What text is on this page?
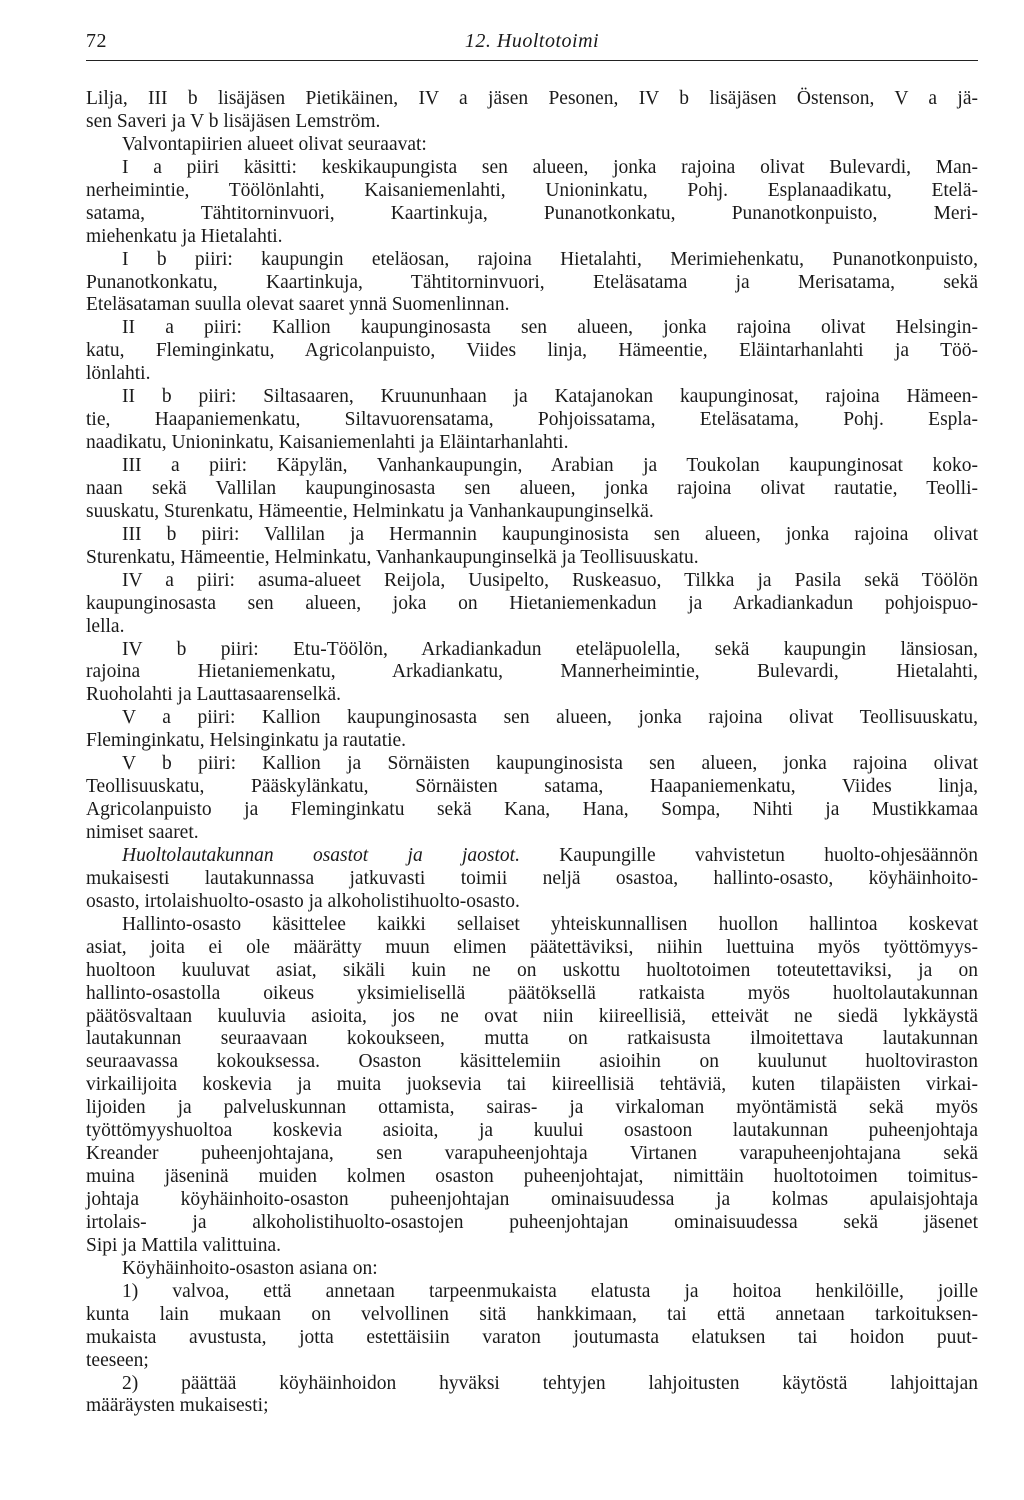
72	12. Huoltotoimi
Lilja, III b lisäjäsen Pietikäinen, IV a jäsen Pesonen, IV b lisäjäsen Östenson, V a jä-
sen Saveri ja V b lisäjäsen Lemström.
Valvontapiirien alueet olivat seuraavat:
I a piiri käsitti: keskikaupungista sen alueen, jonka rajoina olivat Bulevardi, Man-
nerheimintie, Töölönlahti, Kaisaniemenlahti, Unioninkatu, Pohj. Esplanaadikatu, Etelä-
satama, Tähtitorninvuori, Kaartinkuja, Punanotkonkatu, Punanotkonpuisto, Meri-
miehenkatu ja Hietalahti.
I b piiri: kaupungin eteläosan, rajoina Hietalahti, Merimiehenkatu, Punanotkonpuisto,
Punanotkonkatu, Kaartinkuja, Tähtitorninvuori, Eteläsatama ja Merisatama, sekä
Eteläsataman suulla olevat saaret ynnä Suomenlinnan.
II a piiri: Kallion kaupunginosasta sen alueen, jonka rajoina olivat Helsingin-
katu, Fleminginkatu, Agricolanpuisto, Viides linja, Hämeentie, Eläintarhanlahti ja Töö-
lönlahti.
II b piiri: Siltasaaren, Kruununhaan ja Katajanokan kaupunginosat, rajoina Hämeen-
tie, Haapaniemenkatu, Siltavuorensatama, Pohjoissatama, Eteläsatama, Pohj. Espla-
naadikatu, Unioninkatu, Kaisaniemenlahti ja Eläintarhanlahti.
III a piiri: Käpylän, Vanhankaupungin, Arabian ja Toukolan kaupunginosat koko-
naan sekä Vallilan kaupunginosasta sen alueen, jonka rajoina olivat rautatie, Teolli-
suuskatu, Sturenkatu, Hämeentie, Helminkatu ja Vanhankaupunginselkä.
III b piiri: Vallilan ja Hermannin kaupunginosista sen alueen, jonka rajoina olivat
Sturenkatu, Hämeentie, Helminkatu, Vanhankaupunginselkä ja Teollisuuskatu.
IV a piiri: asuma-alueet Reijola, Uusipelto, Ruskeasuo, Tilkka ja Pasila sekä Töölön
kaupunginosasta sen alueen, joka on Hietaniemenkadun ja Arkadiankadun pohjoispuo-
lella.
IV b piiri: Etu-Töölön, Arkadiankadun eteläpuolella, sekä kaupungin länsiosan,
rajoina Hietaniemenkatu, Arkadiankatu, Mannerheimintie, Bulevardi, Hietalahti,
Ruoholahti ja Lauttasaarenselkä.
V a piiri: Kallion kaupunginosasta sen alueen, jonka rajoina olivat Teollisuuskatu,
Fleminginkatu, Helsinginkatu ja rautatie.
V b piiri: Kallion ja Sörnäisten kaupunginosista sen alueen, jonka rajoina olivat
Teollisuuskatu, Pääskylänkatu, Sörnäisten satama, Haapaniemenkatu, Viides linja,
Agricolanpuisto ja Fleminginkatu sekä Kana, Hana, Sompa, Nihti ja Mustikkamaa
nimiset saaret.
Huoltolautakunnan osastot ja jaostot. Kaupungille vahvistetun huolto-ohjesäännön
mukaisesti lautakunnassa jatkuvasti toimii neljä osastoa, hallinto-osasto, köyhäinhoito-
osasto, irtolaishuolto-osasto ja alkoholistihuolto-osasto.
Hallinto-osasto käsittelee kaikki sellaiset yhteiskunnallisen huollon hallintoa koskevat
asiat, joita ei ole määrätty muun elimen päätettäviksi, niihin luettuina myös työttömyys-
huoltoon kuuluvat asiat, sikäli kuin ne on uskottu huoltotoimen toteutettaviksi, ja on
hallinto-osastolla oikeus yksimielisellä päätöksellä ratkaista myös huoltolautakunnan
päätösvaltaan kuuluvia asioita, jos ne ovat niin kiireellisiä, etteivät ne siedä lykkäystä
lautakunnan seuraavaan kokoukseen, mutta on ratkaisusta ilmoitettava lautakunnan
seuraavassa kokouksessa. Osaston käsittelemiin asioihin on kuulunut huoltoviraston
virkailijoita koskevia ja muita juoksevia tai kiireellisiä tehtäviä, kuten tilapäisten virkai-
lijoiden ja palveluskunnan ottamista, sairas- ja virkaloman myöntämistä sekä myös
työttömyyshuoltoa koskevia asioita, ja kuului osastoon lautakunnan puheenjohtaja
Kreander puheenjohtajana, sen varapuheenjohtaja Virtanen varapuheenjohtajana sekä
muina jäseninä muiden kolmen osaston puheenjohtajat, nimittäin huoltotoimen toimitus-
johtaja köyhäinhoito-osaston puheenjohtajan ominaisuudessa ja kolmas apulaisjohtaja
irtolais- ja alkoholistihuolto-osastojen puheenjohtajan ominaisuudessa sekä jäsenet
Sipi ja Mattila valittuina.
Köyhäinhoito-osaston asiana on:
1) valvoa, että annetaan tarpeenmukaista elatusta ja hoitoa henkilöille, joille
kunta lain mukaan on velvollinen sitä hankkimaan, tai että annetaan tarkoituksen-
mukaista avustusta, jotta estettäisiin varaton joutumasta elatuksen tai hoidon puut-
teeseen;
2) päättää köyhäinhoidon hyväksi tehtyjen lahjoitusten käytöstä lahjoittajan
määräysten mukaisesti;
